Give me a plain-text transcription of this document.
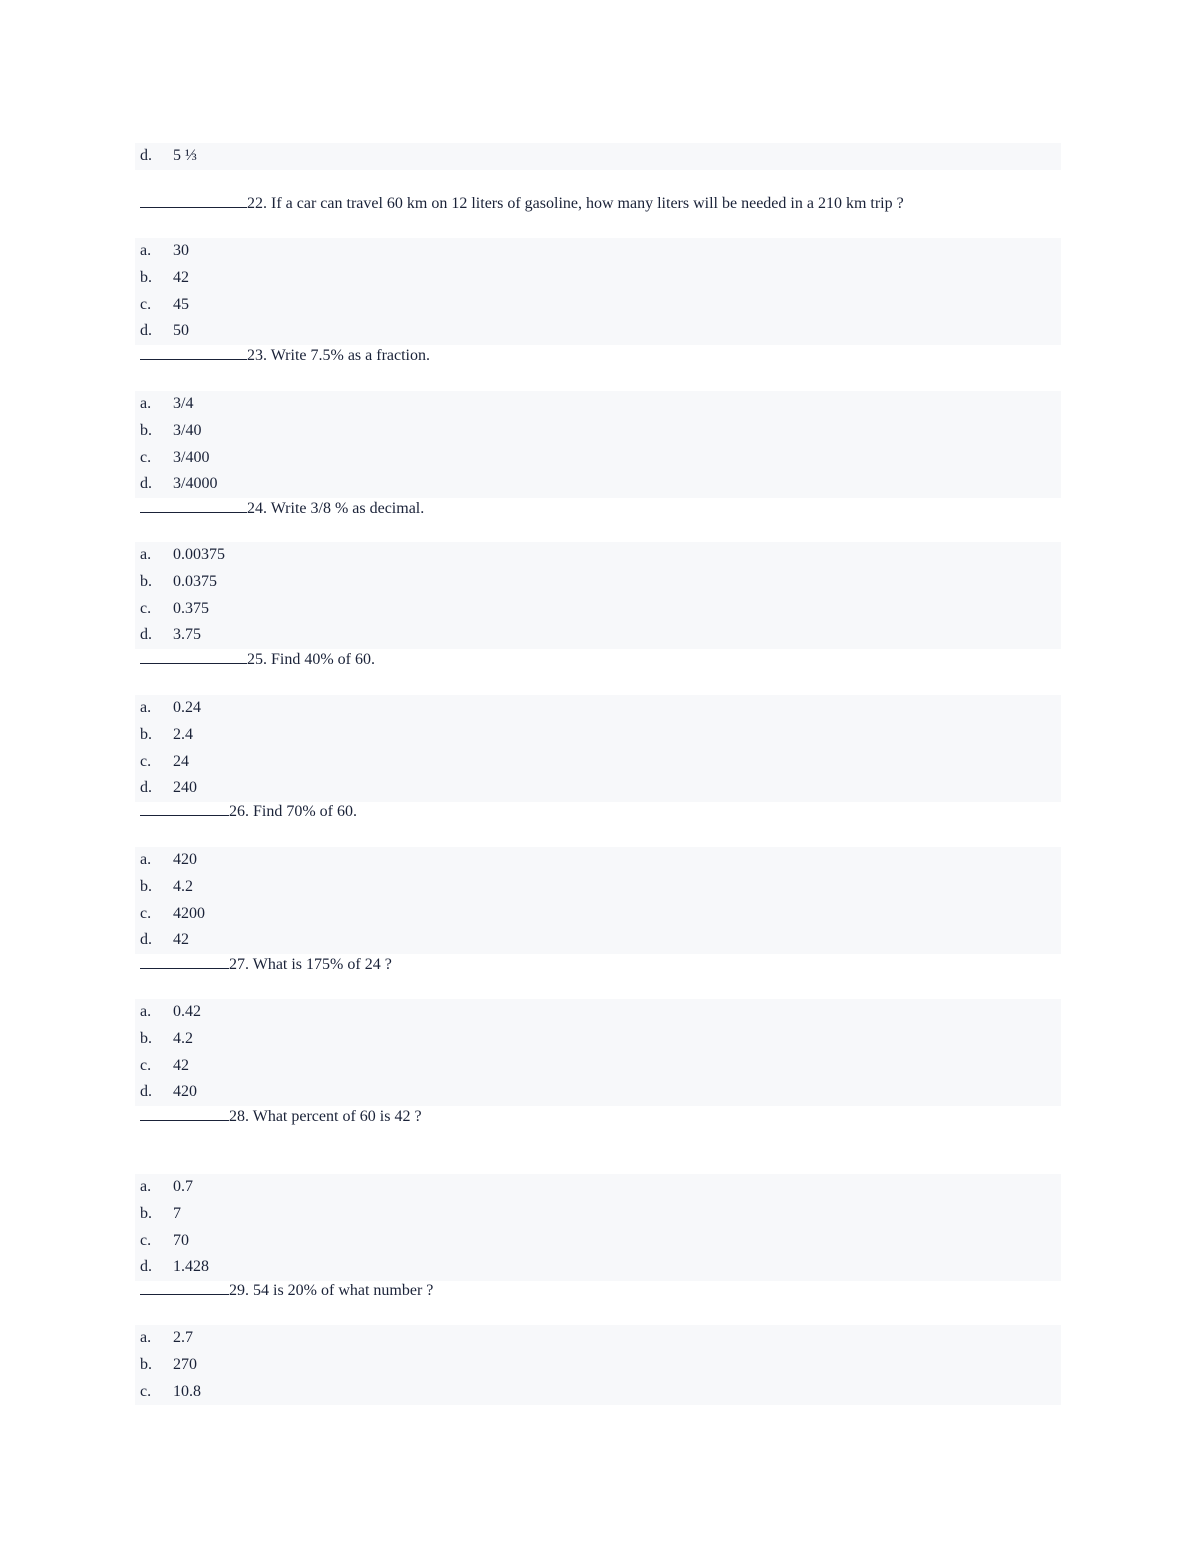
d. 5 ⅓
22. If a car can travel 60 km on 12 liters of gasoline, how many liters will be needed in a 210 km trip ?
a. 30
b. 42
c. 45
d. 50
23. Write 7.5% as a fraction.
a. 3/4
b. 3/40
c. 3/400
d. 3/4000
24. Write 3/8 % as decimal.
a. 0.00375
b. 0.0375
c. 0.375
d. 3.75
25. Find 40% of 60.
a. 0.24
b. 2.4
c. 24
d. 240
26. Find 70% of 60.
a. 420
b. 4.2
c. 4200
d. 42
27. What is 175% of 24 ?
a. 0.42
b. 4.2
c. 42
d. 420
28. What percent of 60 is 42 ?
a. 0.7
b. 7
c. 70
d. 1.428
29. 54 is 20% of what number ?
a. 2.7
b. 270
c. 10.8
